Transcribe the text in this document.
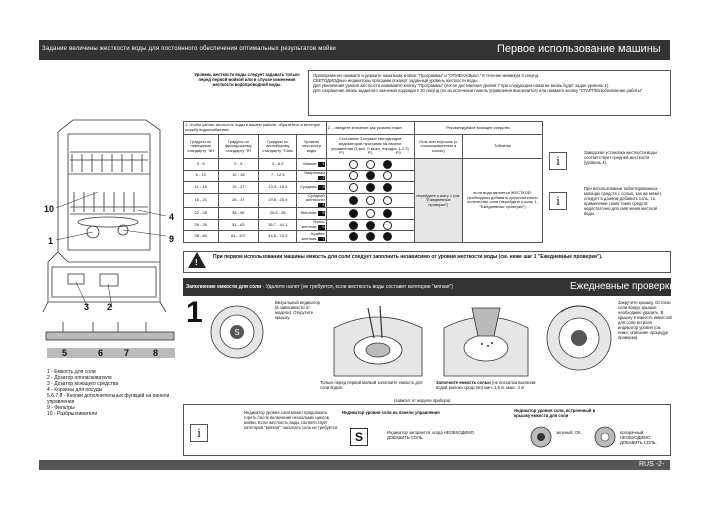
Задание величины жесткости воды для постоянного обеспечения оптимальных результатов мойки	Первое использование машины
Уровень жесткости воды следует задавать только перед первой мойкой или в случае изменения жесткости водопроводной воды.
Одновременно нажмите и держите нажатыми кнопки "Программы" и "ОТМЕНА/Выкл." в течение минимум 3 секунд.
СВЕТОДИОДные индикаторы программ покажут заданный уровень жесткости воды.
Для увеличения уровня жесткости нажимайте кнопку "Программы" (после достижения уровня 7 при следующем нажатии вновь будет задан уровень 1).
Для сохранения вновь заданного значения подождите 30 секунд (по их истечении панель управления выключится) или нажмите кнопку "СТАРТ/Возобновление работы".
10
1
4
9
3 2
5	6 7	8
1. Чтобы узнать жесткость воды в вашем районе, обратитесь в местную службу водоснабжения.				2. ...введите значение как указано ниже:	Рекомендуемое моющее средство	
Градусы по немецкому стандарту °dH	Градусы по французскому стандарту °fH	Градусы по английскому стандарту °Clark	Уровень жесткости воды	Состояние 3 первых светодиодов индикаторов программ на панели управления (1 вкл, 0 выкл, порядок 1-2-3)
P1 P2 P3	Гель или порошок (с ополаскивателем и солью)	Таблетки
0 - 5	0 - 9	0 - 6,3	Мягкая 1		перейдите к шагу 1 (см. "Ежедневные проверки")	если вода является ЖЕСТКОЙ, необходимо добавить дополнительно количество соли (перейдите к шагу 1, "Ежедневные проверки")
6 - 10	10 - 18	7 - 12,6	Умеренная 2			
11 - 15	19 - 27	13,3 - 18,9	Средняя 3			
16 - 21	28 - 37	19,6 - 25,9	Средней жесткости 4			
22 - 28	38 - 50	26,6 - 35	Жесткая 5			
29 - 35	51 - 63	35,7 - 44,1	Очень жесткая 6			
36 - 60	64 - 107	44,8 - 74,9	Крайне жесткая 7			
i
Заводская установка жесткости воды соответствует средней жесткости (уровень 4).
i
При использовании таблетированных моющих средств с солью, как же может, следует в данном добавить соль, т.к. применение таких таких средств недостаточно для смягчения жесткой воды.
!
При первом использовании машины емкость для соли следует заполнить независимо от уровня жесткости воды (см. ниже шаг 1 "Ежедневные проверки").
Заполнение емкости для соли - Удалите налет (не требуется, если жесткость воды составит категории "мягкая")	Ежедневные проверки
1 - Емкость для соли
2 - Дозатор ополаскивателя
3 - Дозатор моющего средства
4 - Корзины для посуды
5,6,7,8 - Кнопки дополнительных функций на панели управления
9 - Фильтры
10 - Разбрызгиватели
1
S
Визуальный индикатор (в зависимости от модели). Открутите крышку.
Только перед первой мойкой заполните емкость для соли водой.
Заполните емкость солью (не воскатом выносим водой молоко средство) мин. 1,5 кг, макс. 2 кг
(зависит от модели прибора)
Закрутите крышку. Остатки соли вокруг крышки необходимо удалить. В крышку в емкость емкостей для соли встроен индикатор уровня (см. ниже, описание процедур проверки).
i
Индикатор уровня соли может продолжать гореть после включения нескольких циклов мойки. Если жесткость воды соответствует категории "мягкая", засыпать соль не требуется.
Индикатор уровня соли на панели управления
S	Индикатор загорается, когда НЕОБХОДИМО ДОБАВИТЬ СОЛЬ.
Индикатор уровня соли, встроенный в крышку емкости для соли
зеленый: ОК.	прозрачный: НЕОБХОДИМО ДОБАВИТЬ СОЛЬ.
RUS -2-
